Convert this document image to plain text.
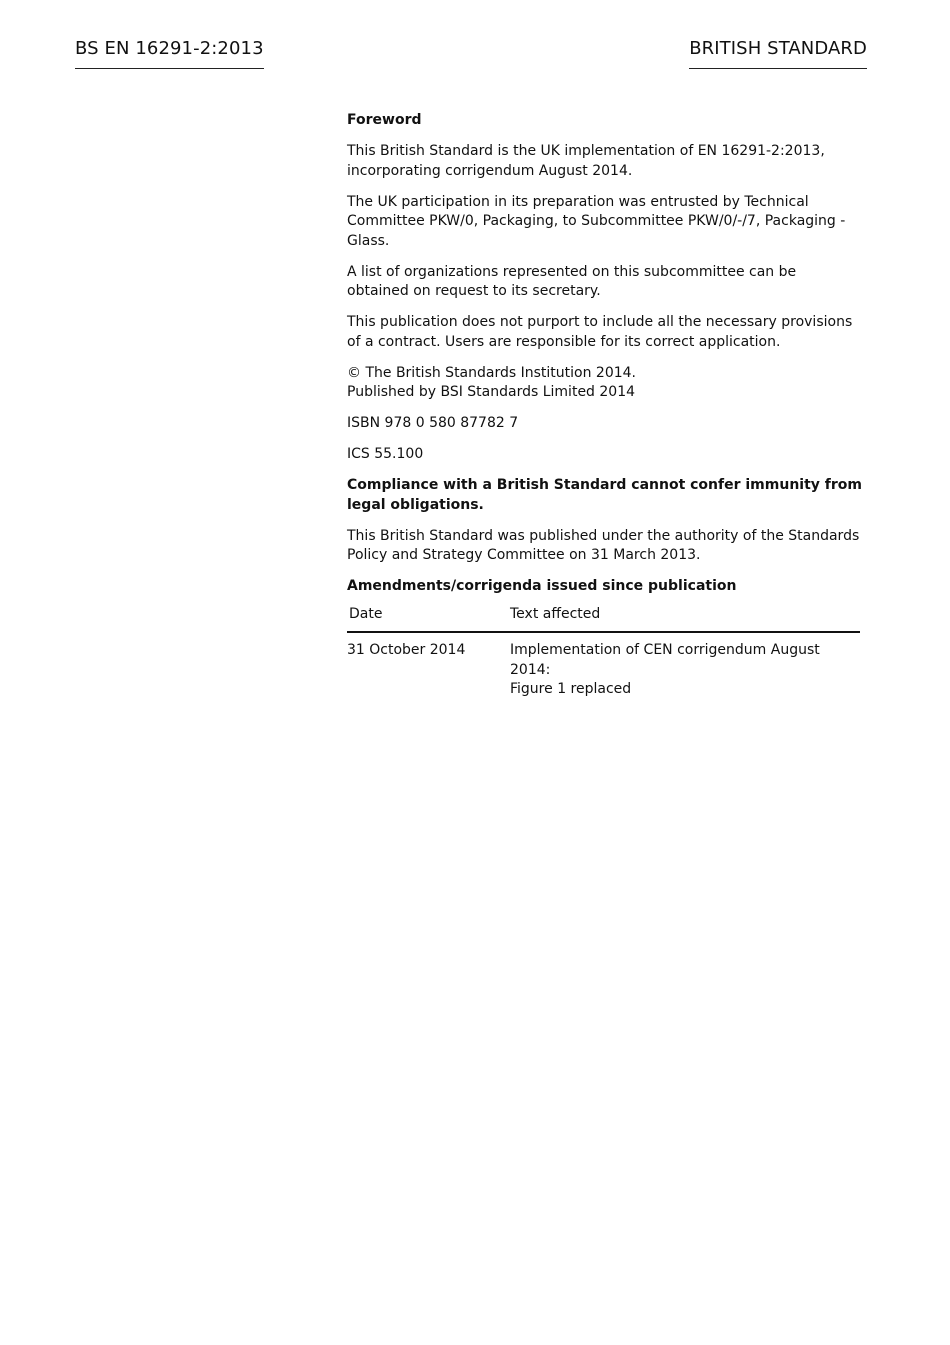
BS EN 16291-2:2013	BRITISH STANDARD

Foreword

This British Standard is the UK implementation of EN 16291-2:2013, incorporating corrigendum August 2014.

The UK participation in its preparation was entrusted by Technical Committee PKW/0, Packaging, to Subcommittee PKW/0/-/7, Packaging - Glass.

A list of organizations represented on this subcommittee can be obtained on request to its secretary.

This publication does not purport to include all the necessary provisions of a contract. Users are responsible for its correct application.

© The British Standards Institution 2014.
Published by BSI Standards Limited 2014

ISBN 978 0 580 87782 7

ICS 55.100

Compliance with a British Standard cannot confer immunity from legal obligations.

This British Standard was published under the authority of the Standards Policy and Strategy Committee on 31 March 2013.

Amendments/corrigenda issued since publication

Date	Text affected
31 October 2014	Implementation of CEN corrigendum August 2014:
Figure 1 replaced
